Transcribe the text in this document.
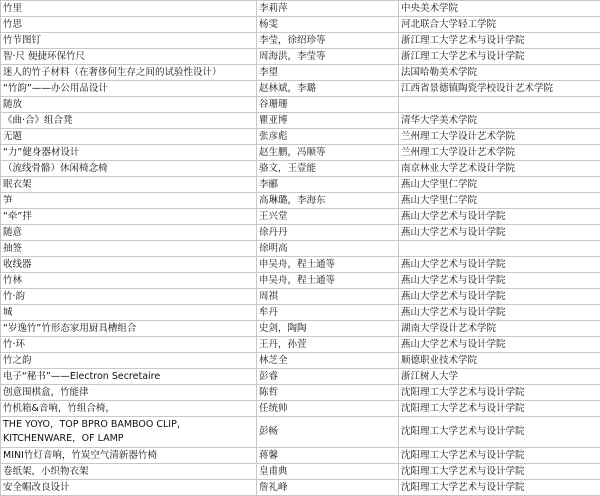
竹里	李莉萍	中央美术学院
竹思	杨雯	河北联合大学轻工学院
竹节图钉	李莹，徐绍珍等	浙江理工大学艺术与设计学院
智·尺 便捷环保竹尺	周海洪，李莹等	浙江理工大学艺术与设计学院
迷人的竹子材料（在奢侈何生存之间的试验性设计）	李望	法国哈勒美术学院
“竹韵”——办公用品设计	赵林斌，李璐	江西省景德镇陶瓷学校设计艺术学院
随放	谷珊珊	
《曲·合》组合凳	瞿亚博	清华大学美术学院
无题	张彦彪	兰州理工大学设计艺术学院
“力”健身器材设计	赵生鹏，冯顺等	兰州理工大学设计艺术学院
（流线骨骼）休闲椅念椅	骆文，王壹能	南京林业大学艺术设计学院
眠衣架	李郦	燕山大学里仁学院
笋	高琳璐，李海东	燕山大学里仁学院
“牵”拌	王兴堂	燕山大学艺术与设计学院
随意	徐丹丹	燕山大学艺术与设计学院
抽签	徐明高	
收线器	申吴舟，程士通等	燕山大学艺术与设计学院
竹林	申吴舟，程士通等	燕山大学艺术与设计学院
竹·韵	周祺	燕山大学艺术与设计学院
城	牟丹	燕山大学艺术与设计学院
“岁逸竹”竹形态家用厨具槽组合	史剑，陶陶	湖南大学设计艺术学院
竹·环	王丹，孙萱	燕山大学艺术与设计学院
竹之韵	林芝全	顺德职业技术学院
电子“秘书”——Electron Secretaire	彭睿	浙江树人大学
创意围棋盒，竹能律	陈哲	沈阳理工大学艺术与设计学院
竹机箱&音响，竹组合椅，	任统帅	沈阳理工大学艺术与设计学院
THE YOYO，TOP BPRO BAMBOO CLIP，KITCHENWARE，OF LAMP	彭畅	沈阳理工大学艺术与设计学院
MINI竹灯音响，竹炭空气清新器竹椅	蒋馨	沈阳理工大学艺术与设计学院
卷纸架，小织物衣架	皇甫典	沈阳理工大学艺术与设计学院
安全帽改良设计	詹礼峰	沈阳理工大学艺术与设计学院
